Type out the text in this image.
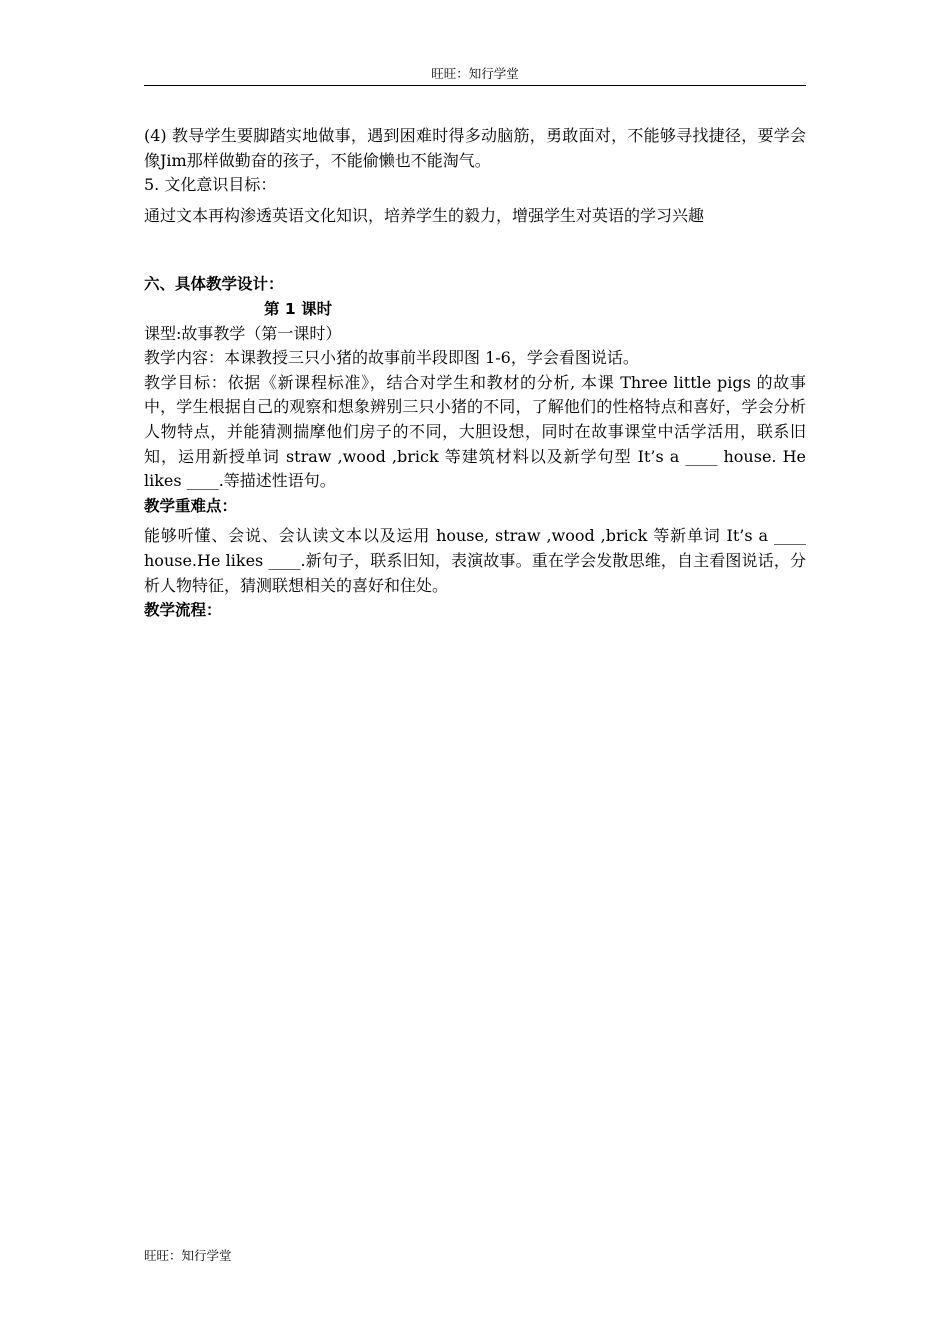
旺旺：知行学堂

(4) 教导学生要脚踏实地做事，遇到困难时得多动脑筋，勇敢面对，不能够寻找捷径，要学会像Jim那样做勤奋的孩子，不能偷懒也不能淘气。

5. 文化意识目标：

通过文本再构渗透英语文化知识，培养学生的毅力，增强学生对英语的学习兴趣

六、具体教学设计：

第 1 课时

课型:故事教学（第一课时）

教学内容：本课教授三只小猪的故事前半段即图 1-6，学会看图说话。

教学目标：依据《新课程标准》，结合对学生和教材的分析, 本课 Three little pigs 的故事中，学生根据自己的观察和想象辨别三只小猪的不同，了解他们的性格特点和喜好，学会分析人物特点，并能猜测揣摩他们房子的不同，大胆设想，同时在故事课堂中活学活用，联系旧知，运用新授单词 straw ,wood ,brick 等建筑材料以及新学句型 It’s a ____ house. He likes ____.等描述性语句。

教学重难点：

能够听懂、会说、会认读文本以及运用 house, straw ,wood ,brick 等新单词 It’s a ____ house.He likes ____.新句子，联系旧知，表演故事。重在学会发散思维，自主看图说话，分析人物特征，猜测联想相关的喜好和住处。

教学流程：

旺旺：知行学堂
